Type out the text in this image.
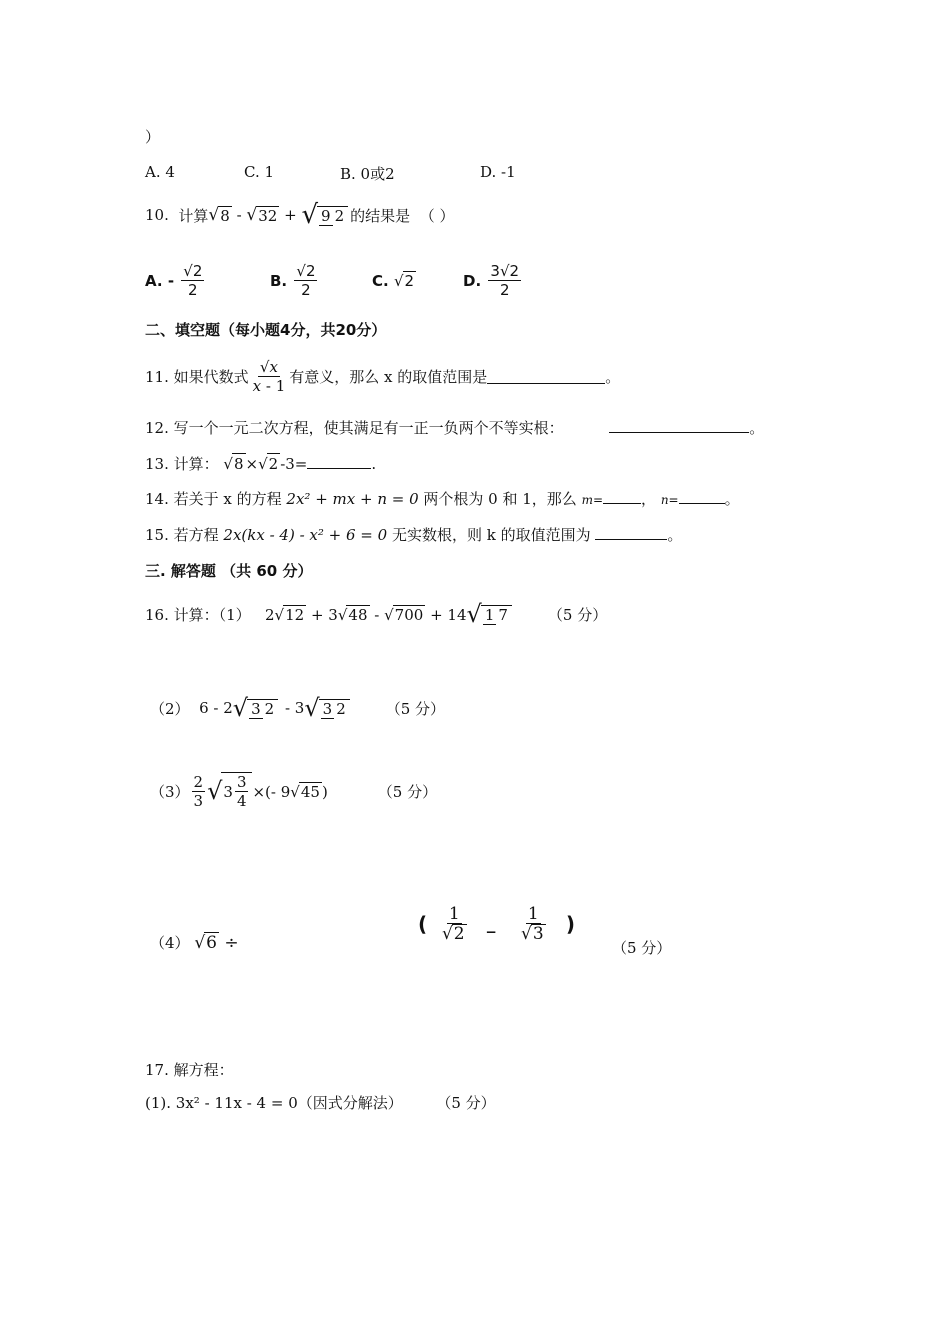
）
A. 4	C. 1	B. 0或2	D. -1
10.
计算 √ 8 - √ 32 + √ 9 2 的结果是
（ ）
A. - $\frac{√2}{2}$	B.
$\frac{√2}{2}$	C. √2	D.
$\frac{3√2}{2}$
二、填空题（每小题4分，共20分）
11. 如果代数式 $\frac{√x}{x - 1}$ 有意义，那么 x 的取值范围是	。
12. 写一个一元二次方程，使其满足有一正一负两个不等实根：	。
13. 计算： √8 ×√2 -3=	.
14. 若关于 x 的方程 2x² + mx + n = 0 两个根为 0 和 1，那么 m=	， n=	。
15. 若方程 2x(kx - 4) - x² + 6 = 0 无实数根，则 k 的取值范围为	。
三. 解答题 （共 60 分）
16. 计算：（1）
2√12 + 3√48 - √700 + 14 √ 1 7	（5 分）
（2）
6 - 2 √ 3 2 - 3 √ 3 2	（5 分）
$(3) \frac{2}{3}$ √ $3 \frac{3}{4}$ ×(- 9√45 )	（5 分）
（4）
√6 ÷
(
$\frac{1}{√2}$
_
$\frac{1}{√3}$
)
（5 分）
17. 解方程：
(1). 3x² - 11x - 4 = 0（因式分解法） （5 分）
